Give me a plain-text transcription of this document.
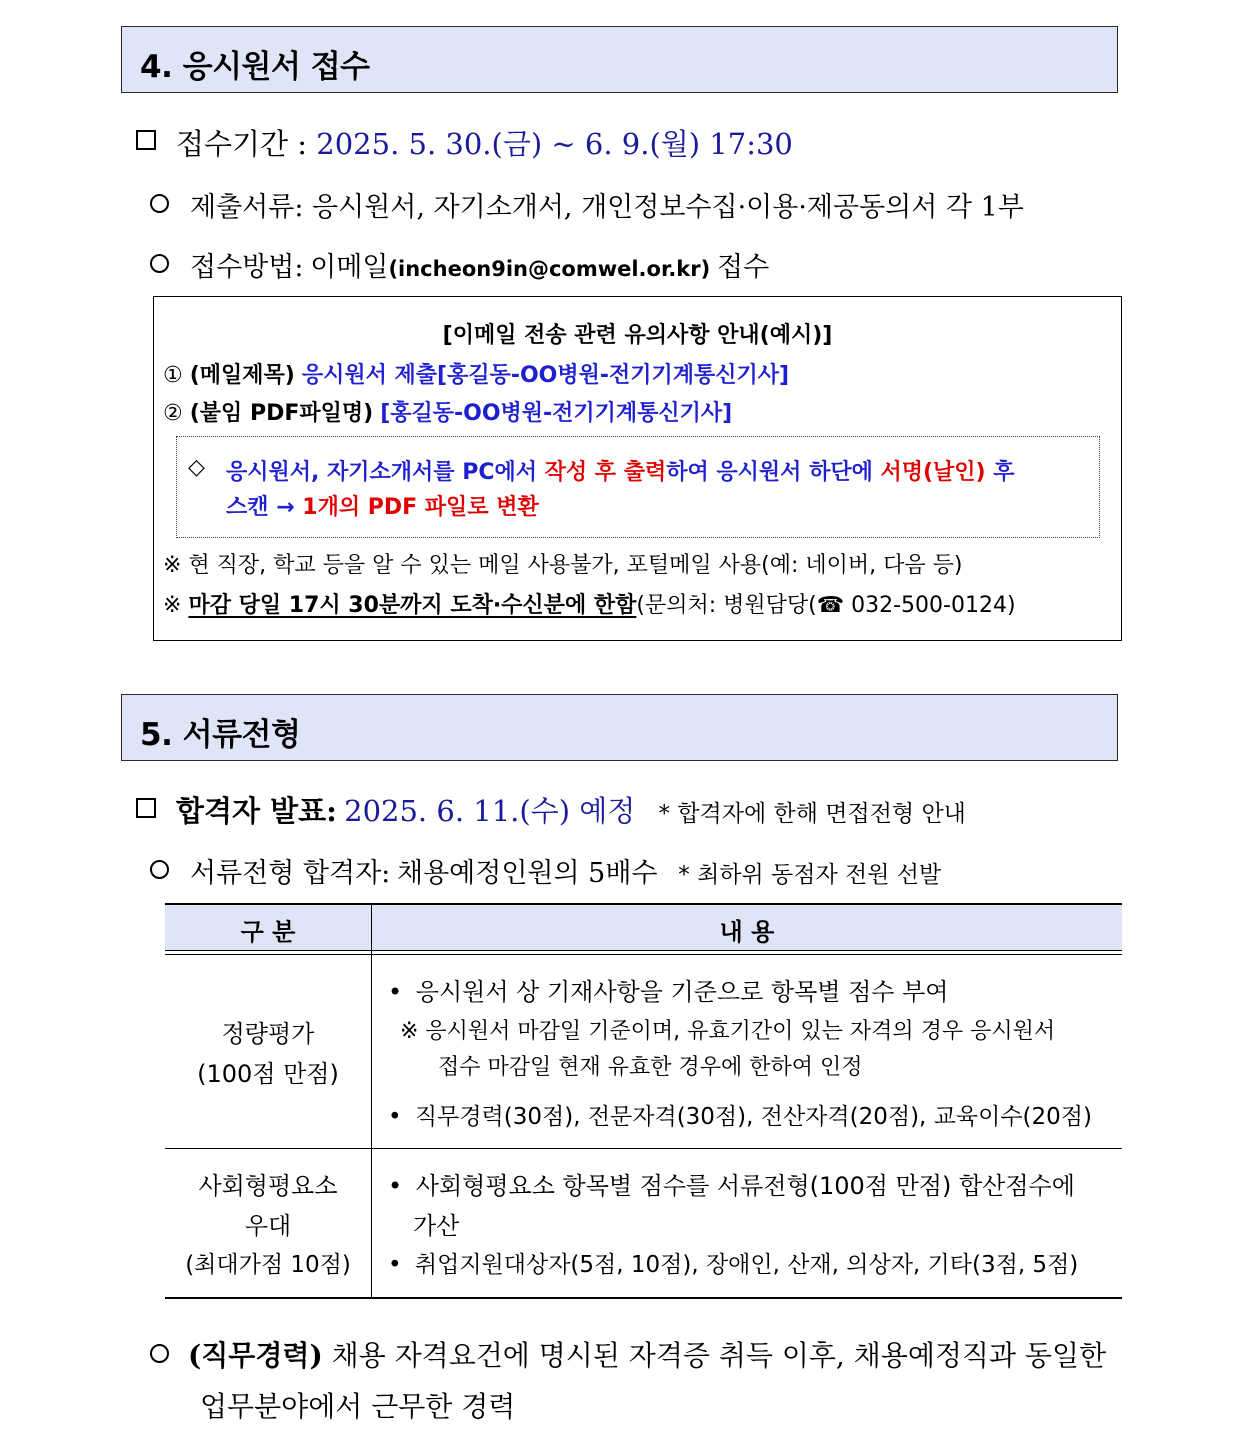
4. 응시원서 접수
접수기간 : 2025. 5. 30.(금) ~ 6. 9.(월) 17:30
제출서류: 응시원서, 자기소개서, 개인정보수집·이용·제공동의서 각 1부
접수방법: 이메일(incheon9in@comwel.or.kr) 접수
[이메일 전송 관련 유의사항 안내(예시)]
① (메일제목) 응시원서 제출[홍길동-OO병원-전기기계통신기사]
② (붙임 PDF파일명) [홍길동-OO병원-전기기계통신기사]
◇ 응시원서, 자기소개서를 PC에서 작성 후 출력하여 응시원서 하단에 서명(날인) 후
스캔 → 1개의 PDF 파일로 변환
※ 현 직장, 학교 등을 알 수 있는 메일 사용불가, 포털메일 사용(예: 네이버, 다음 등)
※ 마감 당일 17시 30분까지 도착·수신분에 한함(문의처: 병원담당(☎ 032-500-0124)
5. 서류전형
합격자 발표: 2025. 6. 11.(수) 예정 * 합격자에 한해 면접전형 안내
서류전형 합격자: 채용예정인원의 5배수 * 최하위 동점자 전원 선발
구 분	내 용
정량평가
(100점 만점)
• 응시원서 상 기재사항을 기준으로 항목별 점수 부여
※ 응시원서 마감일 기준이며, 유효기간이 있는 자격의 경우 응시원서
접수 마감일 현재 유효한 경우에 한하여 인정
• 직무경력(30점), 전문자격(30점), 전산자격(20점), 교육이수(20점)
사회형평요소
우대
(최대가점 10점)
• 사회형평요소 항목별 점수를 서류전형(100점 만점) 합산점수에
가산
• 취업지원대상자(5점, 10점), 장애인, 산재, 의상자, 기타(3점, 5점)
(직무경력) 채용 자격요건에 명시된 자격증 취득 이후, 채용예정직과 동일한
업무분야에서 근무한 경력
